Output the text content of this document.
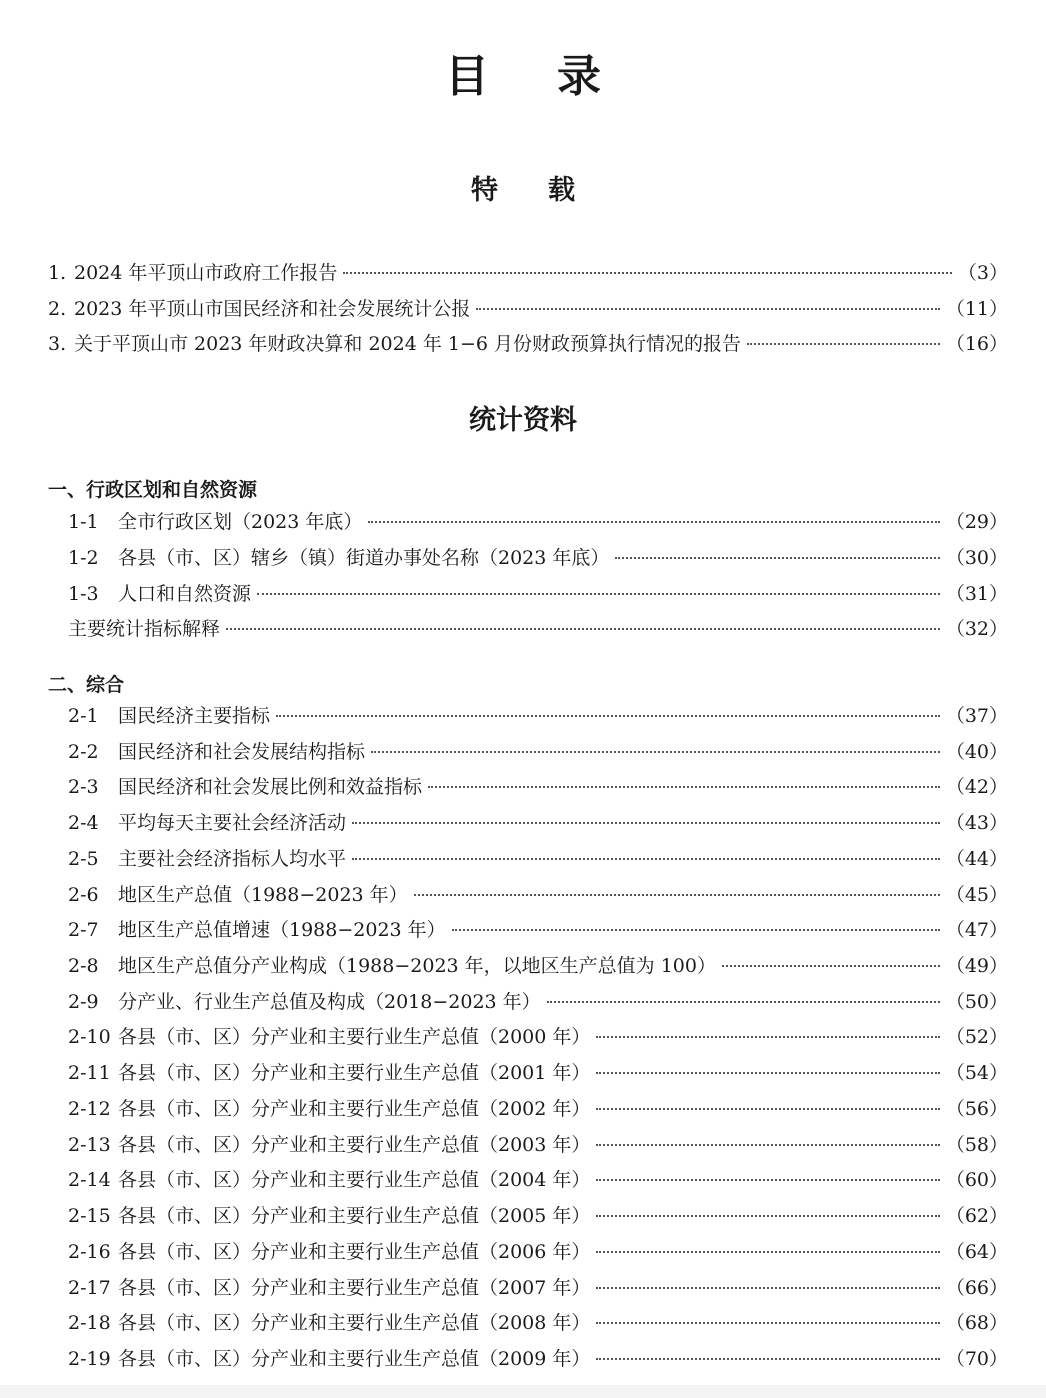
目 录
特 载
1. 2024 年平顶山市政府工作报告	（3）
2. 2023 年平顶山市国民经济和社会发展统计公报	（11）
3. 关于平顶山市 2023 年财政决算和 2024 年 1−6 月份财政预算执行情况的报告	（16）
统计资料
一、行政区划和自然资源
1-1	全市行政区划（2023 年底）	（29）
1-2	各县（市、区）辖乡（镇）街道办事处名称（2023 年底）	（30）
1-3	人口和自然资源	（31）
主要统计指标解释	（32）
二、综合
2-1	国民经济主要指标	（37）
2-2	国民经济和社会发展结构指标	（40）
2-3	国民经济和社会发展比例和效益指标	（42）
2-4	平均每天主要社会经济活动	（43）
2-5	主要社会经济指标人均水平	（44）
2-6	地区生产总值（1988−2023 年）	（45）
2-7	地区生产总值增速（1988−2023 年）	（47）
2-8	地区生产总值分产业构成（1988−2023 年，以地区生产总值为 100）	（49）
2-9	分产业、行业生产总值及构成（2018−2023 年）	（50）
2-10 各县（市、区）分产业和主要行业生产总值（2000 年）	（52）
2-11 各县（市、区）分产业和主要行业生产总值（2001 年）	（54）
2-12 各县（市、区）分产业和主要行业生产总值（2002 年）	（56）
2-13 各县（市、区）分产业和主要行业生产总值（2003 年）	（58）
2-14 各县（市、区）分产业和主要行业生产总值（2004 年）	（60）
2-15 各县（市、区）分产业和主要行业生产总值（2005 年）	（62）
2-16 各县（市、区）分产业和主要行业生产总值（2006 年）	（64）
2-17 各县（市、区）分产业和主要行业生产总值（2007 年）	（66）
2-18 各县（市、区）分产业和主要行业生产总值（2008 年）	（68）
2-19 各县（市、区）分产业和主要行业生产总值（2009 年）	（70）
